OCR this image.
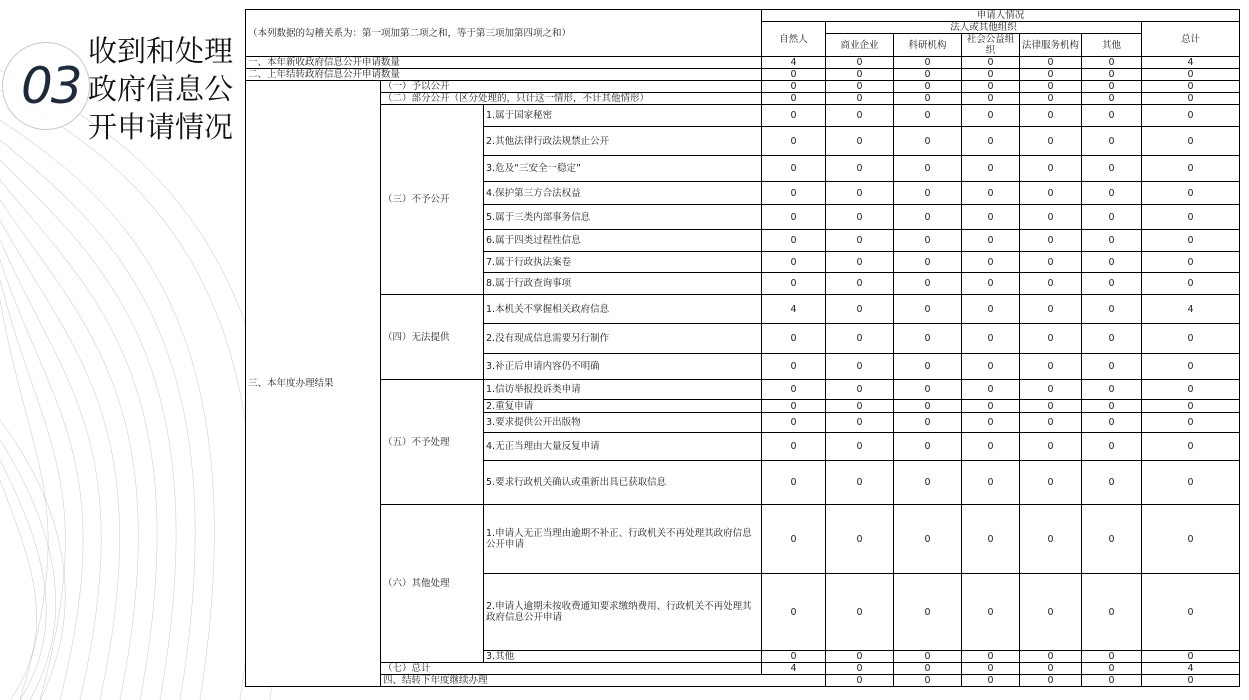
03
收到和处理
政府信息公
开申请情况
（本列数据的勾稽关系为：第一项加第二项之和，等于第三项加第四项之和）			申请人情况							
			自然人	法人或其他组织					总计	
				商业企业	科研机构	社会公益组织	法律服务机构	其他		

一、本年新收政府信息公开申请数量			4	0	0	0	0	0	4	
二、上年结转政府信息公开申请数量			0	0	0	0	0	0	0	
三、本年度办理结果	（一）予以公开		0	0	0	0	0	0	0	
	（二）部分公开（区分处理的，只计这一情形，不计其他情形）		0	0	0	0	0	0	0	
	（三）不予公开	1.属于国家秘密	0	0	0	0	0	0	0	
		2.其他法律行政法规禁止公开	0	0	0	0	0	0	0	
		3.危及“三安全一稳定”	0	0	0	0	0	0	0	
		4.保护第三方合法权益	0	0	0	0	0	0	0	
		5.属于三类内部事务信息	0	0	0	0	0	0	0	
		6.属于四类过程性信息	0	0	0	0	0	0	0	
		7.属于行政执法案卷	0	0	0	0	0	0	0	
		8.属于行政查询事项	0	0	0	0	0	0	0	
	（四）无法提供	1.本机关不掌握相关政府信息	4	0	0	0	0	0	4	
		2.没有现成信息需要另行制作	0	0	0	0	0	0	0	
		3.补正后申请内容仍不明确	0	0	0	0	0	0	0	
	（五）不予处理	1.信访举报投诉类申请	0	0	0	0	0	0	0	
		2.重复申请	0	0	0	0	0	0	0	
		3.要求提供公开出版物	0	0	0	0	0	0	0	
		4.无正当理由大量反复申请	0	0	0	0	0	0	0	
		5.要求行政机关确认或重新出具已获取信息	0	0	0	0	0	0	0	
	（六）其他处理	1.申请人无正当理由逾期不补正、行政机关不再处理其政府信息公开申请	0	0	0	0	0	0	0	
		2.申请人逾期未按收费通知要求缴纳费用、行政机关不再处理其政府信息公开申请	0	0	0	0	0	0	0	
		3.其他	0	0	0	0	0	0	0	
	（七）总计		4	0	0	0	0	0	4	
	四、结转下年度继续办理			0	0	0	0	0	0	
